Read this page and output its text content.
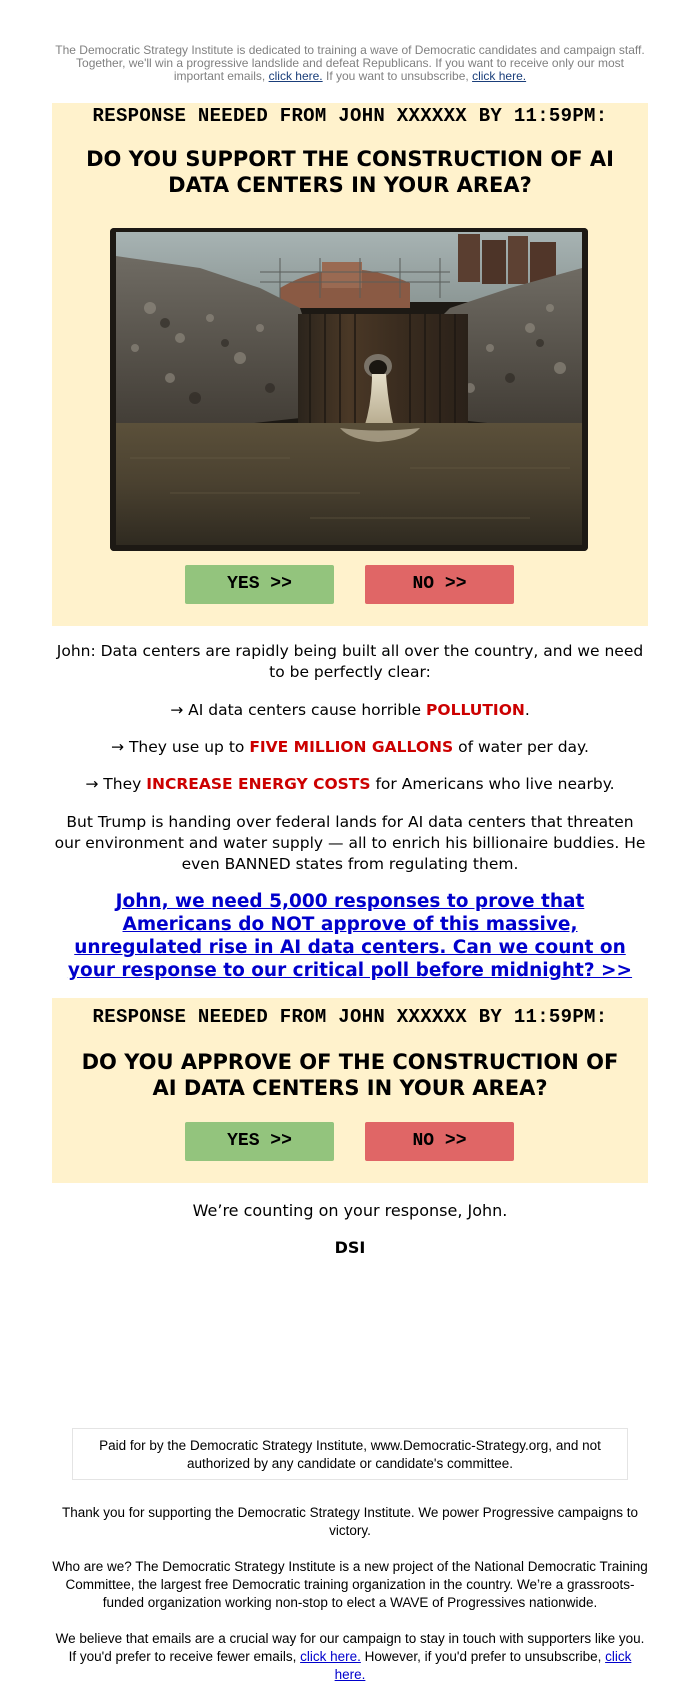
The Democratic Strategy Institute is dedicated to training a wave of Democratic candidates and campaign staff. Together, we'll win a progressive landslide and defeat Republicans. If you want to receive only our most important emails, click here. If you want to unsubscribe, click here.

RESPONSE NEEDED FROM JOHN XXXXXX BY 11:59PM:

DO YOU SUPPORT THE CONSTRUCTION OF AI DATA CENTERS IN YOUR AREA?

YES >>	NO >>

John: Data centers are rapidly being built all over the country, and we need to be perfectly clear:

→ AI data centers cause horrible POLLUTION.

→ They use up to FIVE MILLION GALLONS of water per day.

→ They INCREASE ENERGY COSTS for Americans who live nearby.

But Trump is handing over federal lands for AI data centers that threaten our environment and water supply — all to enrich his billionaire buddies. He even BANNED states from regulating them.

John, we need 5,000 responses to prove that Americans do NOT approve of this massive, unregulated rise in AI data centers. Can we count on your response to our critical poll before midnight? >>

RESPONSE NEEDED FROM JOHN XXXXXX BY 11:59PM:

DO YOU APPROVE OF THE CONSTRUCTION OF AI DATA CENTERS IN YOUR AREA?

YES >>	NO >>

We’re counting on your response, John.

DSI
Paid for by the Democratic Strategy Institute, www.Democratic-Strategy.org, and not authorized by any candidate or candidate's committee.

Thank you for supporting the Democratic Strategy Institute. We power Progressive campaigns to victory.

Who are we? The Democratic Strategy Institute is a new project of the National Democratic Training Committee, the largest free Democratic training organization in the country. We’re a grassroots-funded organization working non-stop to elect a WAVE of Progressives nationwide.

We believe that emails are a crucial way for our campaign to stay in touch with supporters like you. If you'd prefer to receive fewer emails, click here. However, if you'd prefer to unsubscribe, click here.
